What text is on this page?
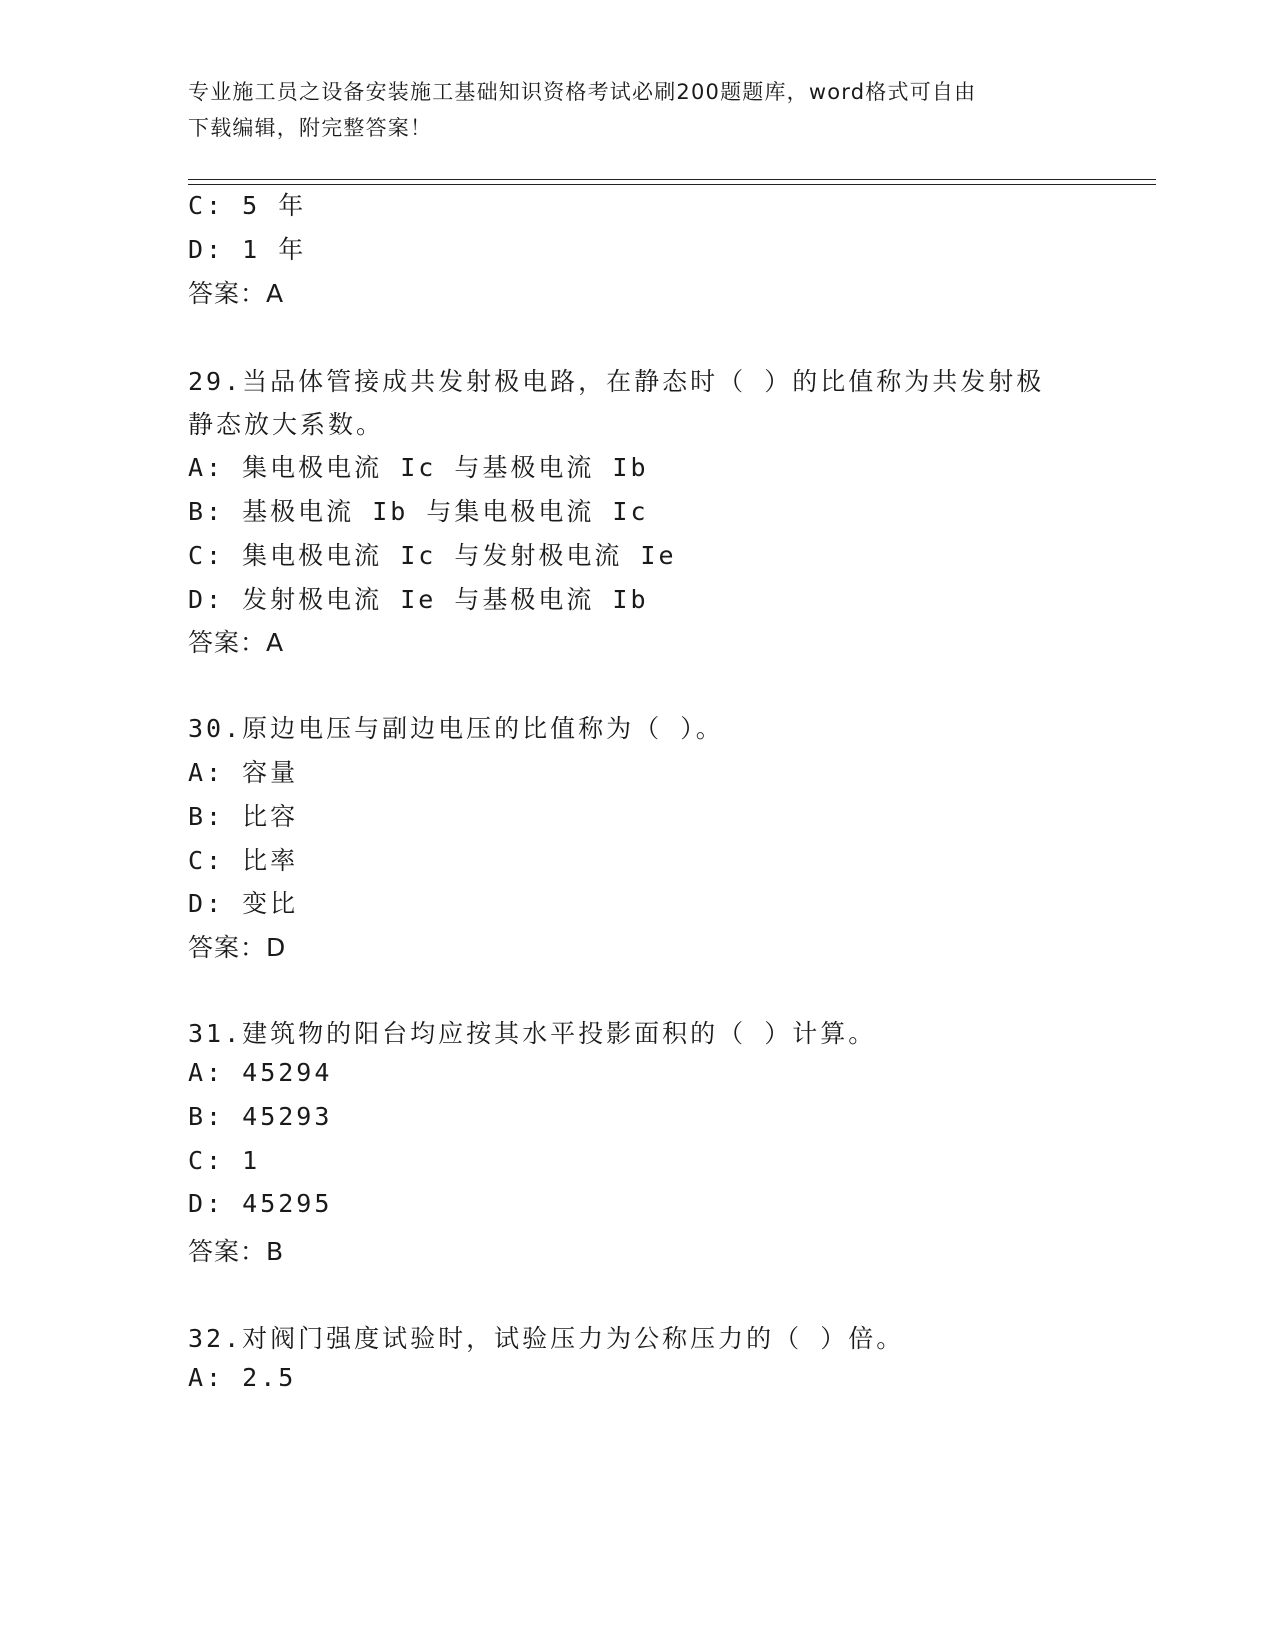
专业施工员之设备安装施工基础知识资格考试必刷200题题库，word格式可自由
下载编辑，附完整答案！
C: 5 年
D: 1 年
答案：A
29.当品体管接成共发射极电路，在静态时（ ）的比值称为共发射极
静态放大系数。
A: 集电极电流 Ic 与基极电流 Ib
B: 基极电流 Ib 与集电极电流 Ic
C: 集电极电流 Ic 与发射极电流 Ie
D: 发射极电流 Ie 与基极电流 Ib
答案：A
30.原边电压与副边电压的比值称为（ ）。
A: 容量
B: 比容
C: 比率
D: 变比
答案：D
31.建筑物的阳台均应按其水平投影面积的（ ）计算。
A: 45294
B: 45293
C: 1
D: 45295
答案：B
32.对阀门强度试验时，试验压力为公称压力的（ ）倍。
A: 2.5
